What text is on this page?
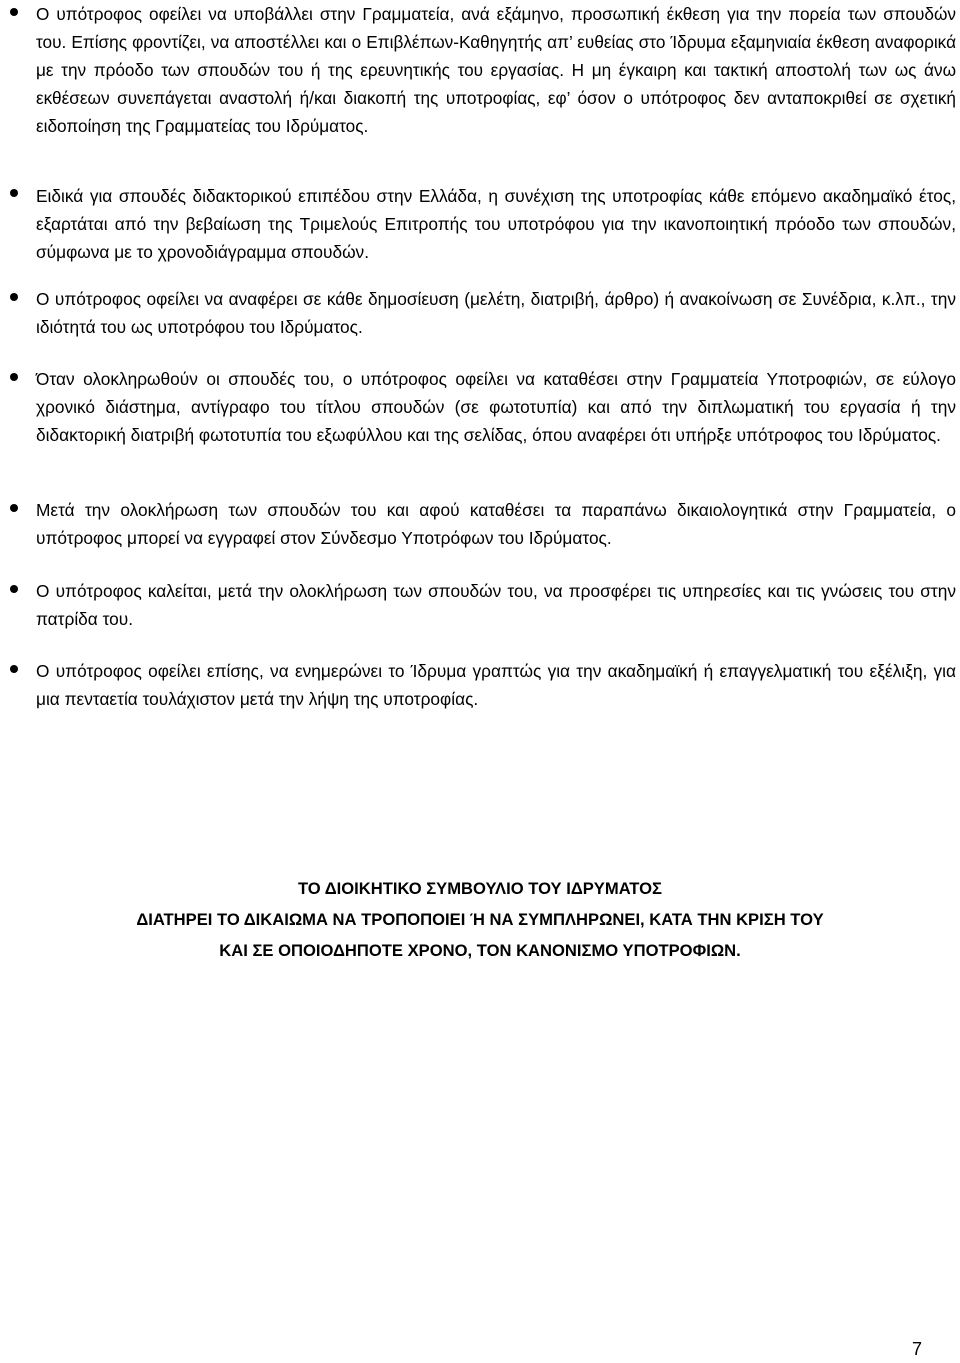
Ο υπότροφος οφείλει να υποβάλλει στην Γραμματεία, ανά εξάμηνο, προσωπική έκθεση για την πορεία των σπουδών του. Επίσης φροντίζει, να αποστέλλει και ο Επιβλέπων-Καθηγητής απ’ ευθείας στο Ίδρυμα εξαμηνιαία έκθεση αναφορικά με την πρόοδο των σπουδών του ή της ερευνητικής του εργασίας. Η μη έγκαιρη και τακτική αποστολή των ως άνω εκθέσεων συνεπάγεται αναστολή ή/και διακοπή της υποτροφίας, εφ’ όσον ο υπότροφος δεν ανταποκριθεί σε σχετική ειδοποίηση της Γραμματείας του Ιδρύματος.
Ειδικά για σπουδές διδακτορικού επιπέδου στην Ελλάδα, η συνέχιση της υποτροφίας κάθε επόμενο ακαδημαϊκό έτος, εξαρτάται από την βεβαίωση της Τριμελούς Επιτροπής του υποτρόφου για την ικανοποιητική πρόοδο των σπουδών, σύμφωνα με το χρονοδιάγραμμα σπουδών.
Ο υπότροφος οφείλει να αναφέρει σε κάθε δημοσίευση (μελέτη, διατριβή, άρθρο) ή ανακοίνωση σε Συνέδρια, κ.λπ., την ιδιότητά του ως υποτρόφου του Ιδρύματος.
Όταν ολοκληρωθούν οι σπουδές του, ο υπότροφος οφείλει να καταθέσει στην Γραμματεία Υποτροφιών, σε εύλογο χρονικό διάστημα, αντίγραφο του τίτλου σπουδών (σε φωτοτυπία) και από την διπλωματική του εργασία ή την διδακτορική διατριβή φωτοτυπία του εξωφύλλου και της σελίδας, όπου αναφέρει ότι υπήρξε υπότροφος του Ιδρύματος.
Μετά την ολοκλήρωση των σπουδών του και αφού καταθέσει τα παραπάνω δικαιολογητικά στην Γραμματεία, ο υπότροφος μπορεί να εγγραφεί στον Σύνδεσμο Υποτρόφων του Ιδρύματος.
Ο υπότροφος καλείται, μετά την ολοκλήρωση των σπουδών του, να προσφέρει τις υπηρεσίες και τις γνώσεις του στην πατρίδα του.
Ο υπότροφος οφείλει επίσης, να ενημερώνει το Ίδρυμα γραπτώς για την ακαδημαϊκή ή επαγγελματική του εξέλιξη, για μια πενταετία τουλάχιστον μετά την λήψη της υποτροφίας.
ΤΟ ΔΙΟΙΚΗΤΙΚΟ ΣΥΜΒΟΥΛΙΟ ΤΟΥ ΙΔΡΥΜΑΤΟΣ
ΔΙΑΤΗΡΕΙ ΤΟ ΔΙΚΑΙΩΜΑ ΝΑ ΤΡΟΠΟΠΟΙΕΙ Ή ΝΑ ΣΥΜΠΛΗΡΩΝΕΙ, ΚΑΤΑ ΤΗΝ ΚΡΙΣΗ ΤΟΥ
ΚΑΙ ΣΕ ΟΠΟΙΟΔΗΠΟΤΕ ΧΡΟΝΟ, ΤΟΝ ΚΑΝΟΝΙΣΜΟ ΥΠΟΤΡΟΦΙΩΝ.
7
